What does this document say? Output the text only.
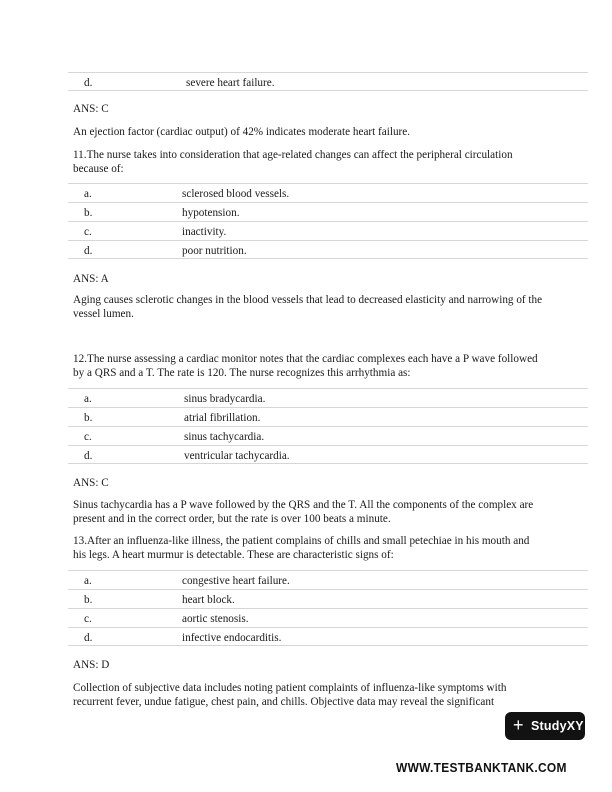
d.	severe heart failure.

ANS: C

An ejection factor (cardiac output) of 42% indicates moderate heart failure.

11.The nurse takes into consideration that age-related changes can affect the peripheral circulation because of:

a.	sclerosed blood vessels.
b.	hypotension.
c.	inactivity.
d.	poor nutrition.

ANS: A

Aging causes sclerotic changes in the blood vessels that lead to decreased elasticity and narrowing of the vessel lumen.

12.The nurse assessing a cardiac monitor notes that the cardiac complexes each have a P wave followed by a QRS and a T. The rate is 120. The nurse recognizes this arrhythmia as:

a.	sinus bradycardia.
b.	atrial fibrillation.
c.	sinus tachycardia.
d.	ventricular tachycardia.

ANS: C

Sinus tachycardia has a P wave followed by the QRS and the T. All the components of the complex are present and in the correct order, but the rate is over 100 beats a minute.

13.After an influenza-like illness, the patient complains of chills and small petechiae in his mouth and his legs. A heart murmur is detectable. These are characteristic signs of:

a.	congestive heart failure.
b.	heart block.
c.	aortic stenosis.
d.	infective endocarditis.

ANS: D

Collection of subjective data includes noting patient complaints of influenza-like symptoms with recurrent fever, undue fatigue, chest pain, and chills. Objective data may reveal the significant

+ StudyXY
WWW.TESTBANKTANK.COM
